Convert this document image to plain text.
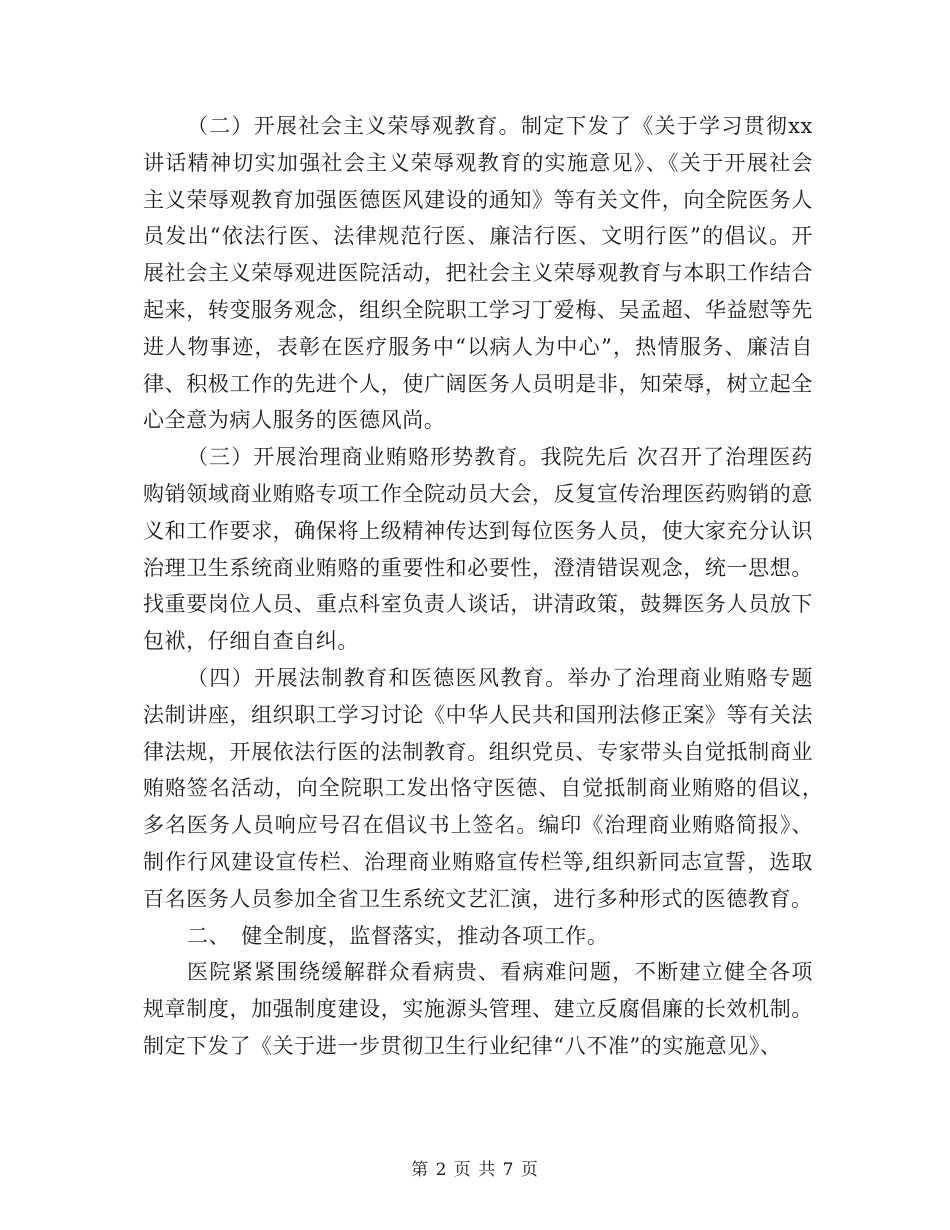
（二）开展社会主义荣辱观教育。制定下发了《关于学习贯彻xx讲话精神切实加强社会主义荣辱观教育的实施意见》、《关于开展社会主义荣辱观教育加强医德医风建设的通知》等有关文件，向全院医务人员发出“依法行医、法律规范行医、廉洁行医、文明行医”的倡议。开展社会主义荣辱观进医院活动，把社会主义荣辱观教育与本职工作结合起来，转变服务观念，组织全院职工学习丁爱梅、吴孟超、华益慰等先进人物事迹，表彰在医疗服务中“以病人为中心”，热情服务、廉洁自律、积极工作的先进个人，使广阔医务人员明是非，知荣辱，树立起全心全意为病人服务的医德风尚。

（三）开展治理商业贿赂形势教育。我院先后 次召开了治理医药购销领域商业贿赂专项工作全院动员大会，反复宣传治理医药购销的意义和工作要求，确保将上级精神传达到每位医务人员，使大家充分认识治理卫生系统商业贿赂的重要性和必要性，澄清错误观念，统一思想。找重要岗位人员、重点科室负责人谈话，讲清政策，鼓舞医务人员放下包袱，仔细自查自纠。

（四）开展法制教育和医德医风教育。举办了治理商业贿赂专题法制讲座，组织职工学习讨论《中华人民共和国刑法修正案》等有关法律法规，开展依法行医的法制教育。组织党员、专家带头自觉抵制商业贿赂签名活动，向全院职工发出恪守医德、自觉抵制商业贿赂的倡议，　 多名医务人员响应号召在倡议书上签名。编印《治理商业贿赂简报》、制作行风建设宣传栏、治理商业贿赂宣传栏等,组织新同志宣誓，选取百名医务人员参加全省卫生系统文艺汇演，进行多种形式的医德教育。

二、　健全制度，监督落实，推动各项工作。

医院紧紧围绕缓解群众看病贵、看病难问题，不断建立健全各项规章制度，加强制度建设，实施源头管理、建立反腐倡廉的长效机制。制定下发了《关于进一步贯彻卫生行业纪律“八不准”的实施意见》、

第 2 页 共 7 页
